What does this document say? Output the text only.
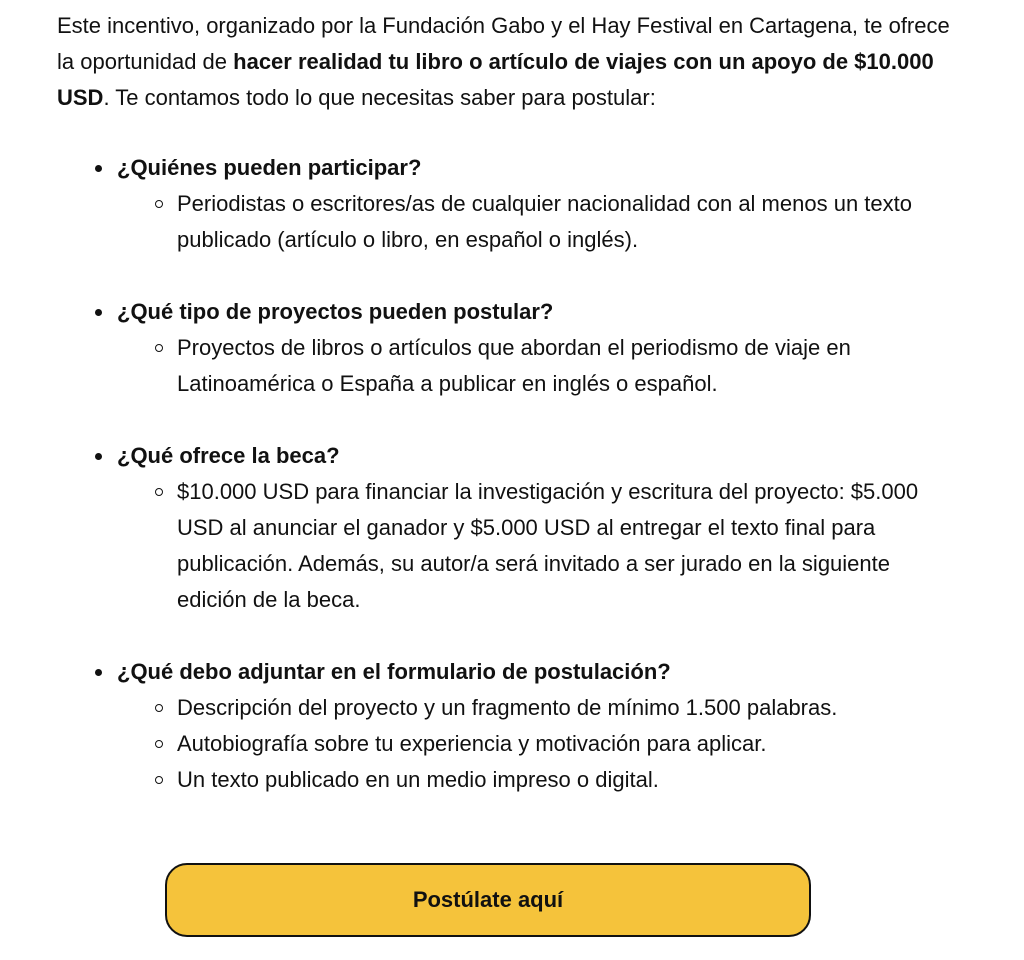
Este incentivo, organizado por la Fundación Gabo y el Hay Festival en Cartagena, te ofrece la oportunidad de hacer realidad tu libro o artículo de viajes con un apoyo de $10.000 USD. Te contamos todo lo que necesitas saber para postular:

¿Quiénes pueden participar?

Periodistas o escritores/as de cualquier nacionalidad con al menos un texto publicado (artículo o libro, en español o inglés).

¿Qué tipo de proyectos pueden postular?

Proyectos de libros o artículos que abordan el periodismo de viaje en Latinoamérica o España a publicar en inglés o español.

¿Qué ofrece la beca?

$10.000 USD para financiar la investigación y escritura del proyecto: $5.000 USD al anunciar el ganador y $5.000 USD al entregar el texto final para publicación. Además, su autor/a será invitado a ser jurado en la siguiente edición de la beca.

¿Qué debo adjuntar en el formulario de postulación?

Descripción del proyecto y un fragmento de mínimo 1.500 palabras.
Autobiografía sobre tu experiencia y motivación para aplicar.
Un texto publicado en un medio impreso o digital.
Postúlate aquí
